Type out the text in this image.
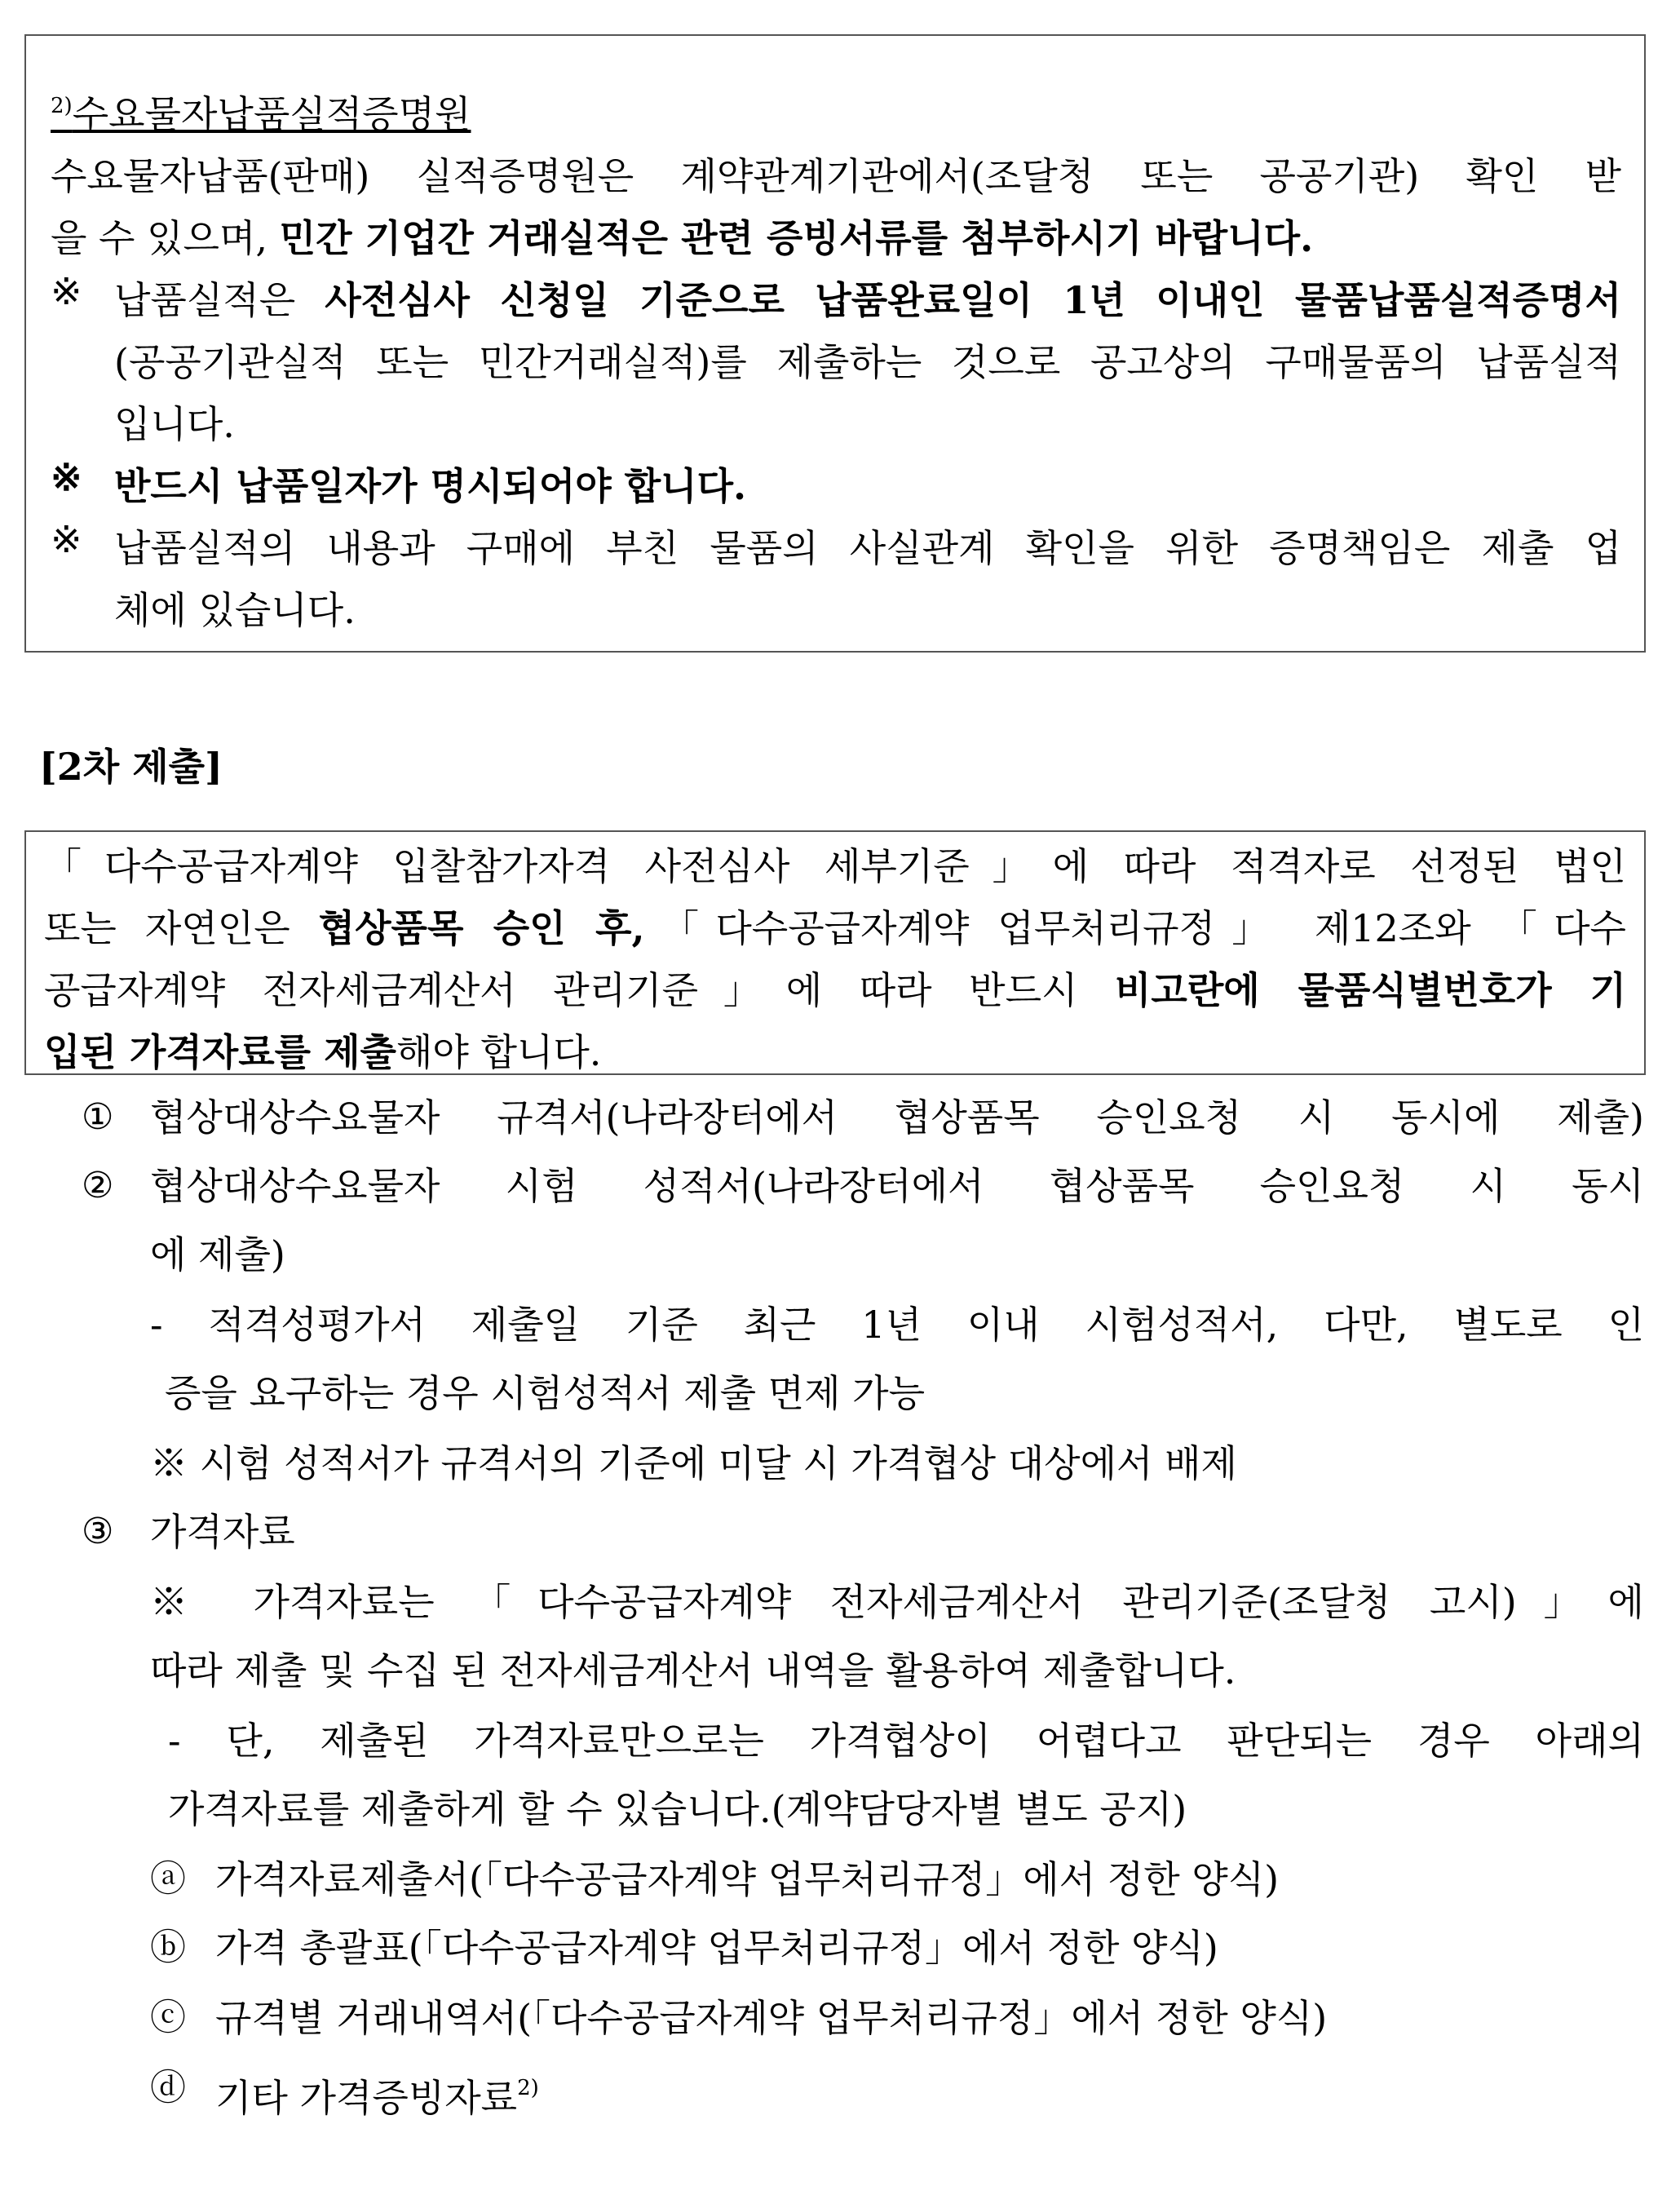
$^{2)}$수요물자납품실적증명원
수요물자납품(판매) 실적증명원은 계약관계기관에서(조달청 또는 공공기관) 확인 받
을 수 있으며, 민간 기업간 거래실적은 관련 증빙서류를 첨부하시기 바랍니다.
※ 납품실적은 사전심사 신청일 기준으로 납품완료일이 1년 이내인 물품납품실적증명서
(공공기관실적 또는 민간거래실적)를 제출하는 것으로 공고상의 구매물품의 납품실적
입니다.
※ 반드시 납품일자가 명시되어야 합니다.
※ 납품실적의 내용과 구매에 부친 물품의 사실관계 확인을 위한 증명책임은 제출 업
체에 있습니다.
[2차 제출]
「다수공급자계약 입찰참가자격 사전심사 세부기준」에 따라 적격자로 선정된 법인
또는 자연인은 협상품목 승인 후,「다수공급자계약 업무처리규정」 제12조와 「다수
공급자계약 전자세금계산서 관리기준」에 따라 반드시 비고란에 물품식별번호가 기
입된 가격자료를 제출해야 합니다.
① 협상대상수요물자 규격서(나라장터에서 협상품목 승인요청 시 동시에 제출)
② 협상대상수요물자 시험 성적서(나라장터에서 협상품목 승인요청 시 동시
에 제출)
- 적격성평가서 제출일 기준 최근 1년 이내 시험성적서, 다만, 별도로 인
증을 요구하는 경우 시험성적서 제출 면제 가능
※ 시험 성적서가 규격서의 기준에 미달 시 가격협상 대상에서 배제
③ 가격자료
※ 가격자료는 「다수공급자계약 전자세금계산서 관리기준(조달청 고시)」에
따라 제출 및 수집 된 전자세금계산서 내역을 활용하여 제출합니다.
- 단, 제출된 가격자료만으로는 가격협상이 어렵다고 판단되는 경우 아래의
가격자료를 제출하게 할 수 있습니다.(계약담당자별 별도 공지)
ⓐ 가격자료제출서(「다수공급자계약 업무처리규정」에서 정한 양식)
ⓑ 가격 총괄표(「다수공급자계약 업무처리규정」에서 정한 양식)
ⓒ 규격별 거래내역서(「다수공급자계약 업무처리규정」에서 정한 양식)
ⓓ 기타 가격증빙자료$^{2)}$
